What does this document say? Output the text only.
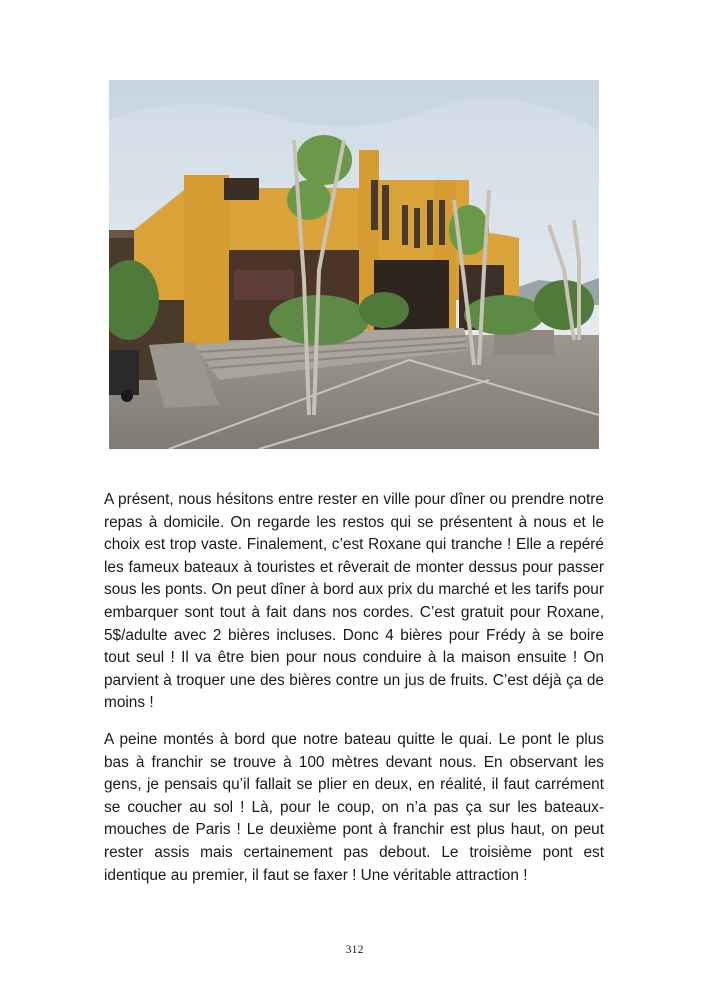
A présent, nous hésitons entre rester en ville pour dîner ou prendre notre repas à domicile. On regarde les restos qui se présentent à nous et le choix est trop vaste. Finalement, c’est Roxane qui tranche ! Elle a repéré les fameux bateaux à touristes et rêverait de monter dessus pour passer sous les ponts. On peut dîner à bord aux prix du marché et les tarifs pour embarquer sont tout à fait dans nos cordes. C’est gratuit pour Roxane, 5$/adulte avec 2 bières incluses. Donc 4 bières pour Frédy à se boire tout seul ! Il va être bien pour nous conduire à la maison ensuite ! On parvient à troquer une des bières contre un jus de fruits. C’est déjà ça de moins !

A peine montés à bord que notre bateau quitte le quai. Le pont le plus bas à franchir se trouve à 100 mètres devant nous. En observant les gens, je pensais qu’il fallait se plier en deux, en réalité, il faut carrément se coucher au sol ! Là, pour le coup, on n’a pas ça sur les bateaux-mouches de Paris ! Le deuxième pont à franchir est plus haut, on peut rester assis mais certainement pas debout. Le troisième pont est identique au premier, il faut se faxer ! Une véritable attraction !

312
